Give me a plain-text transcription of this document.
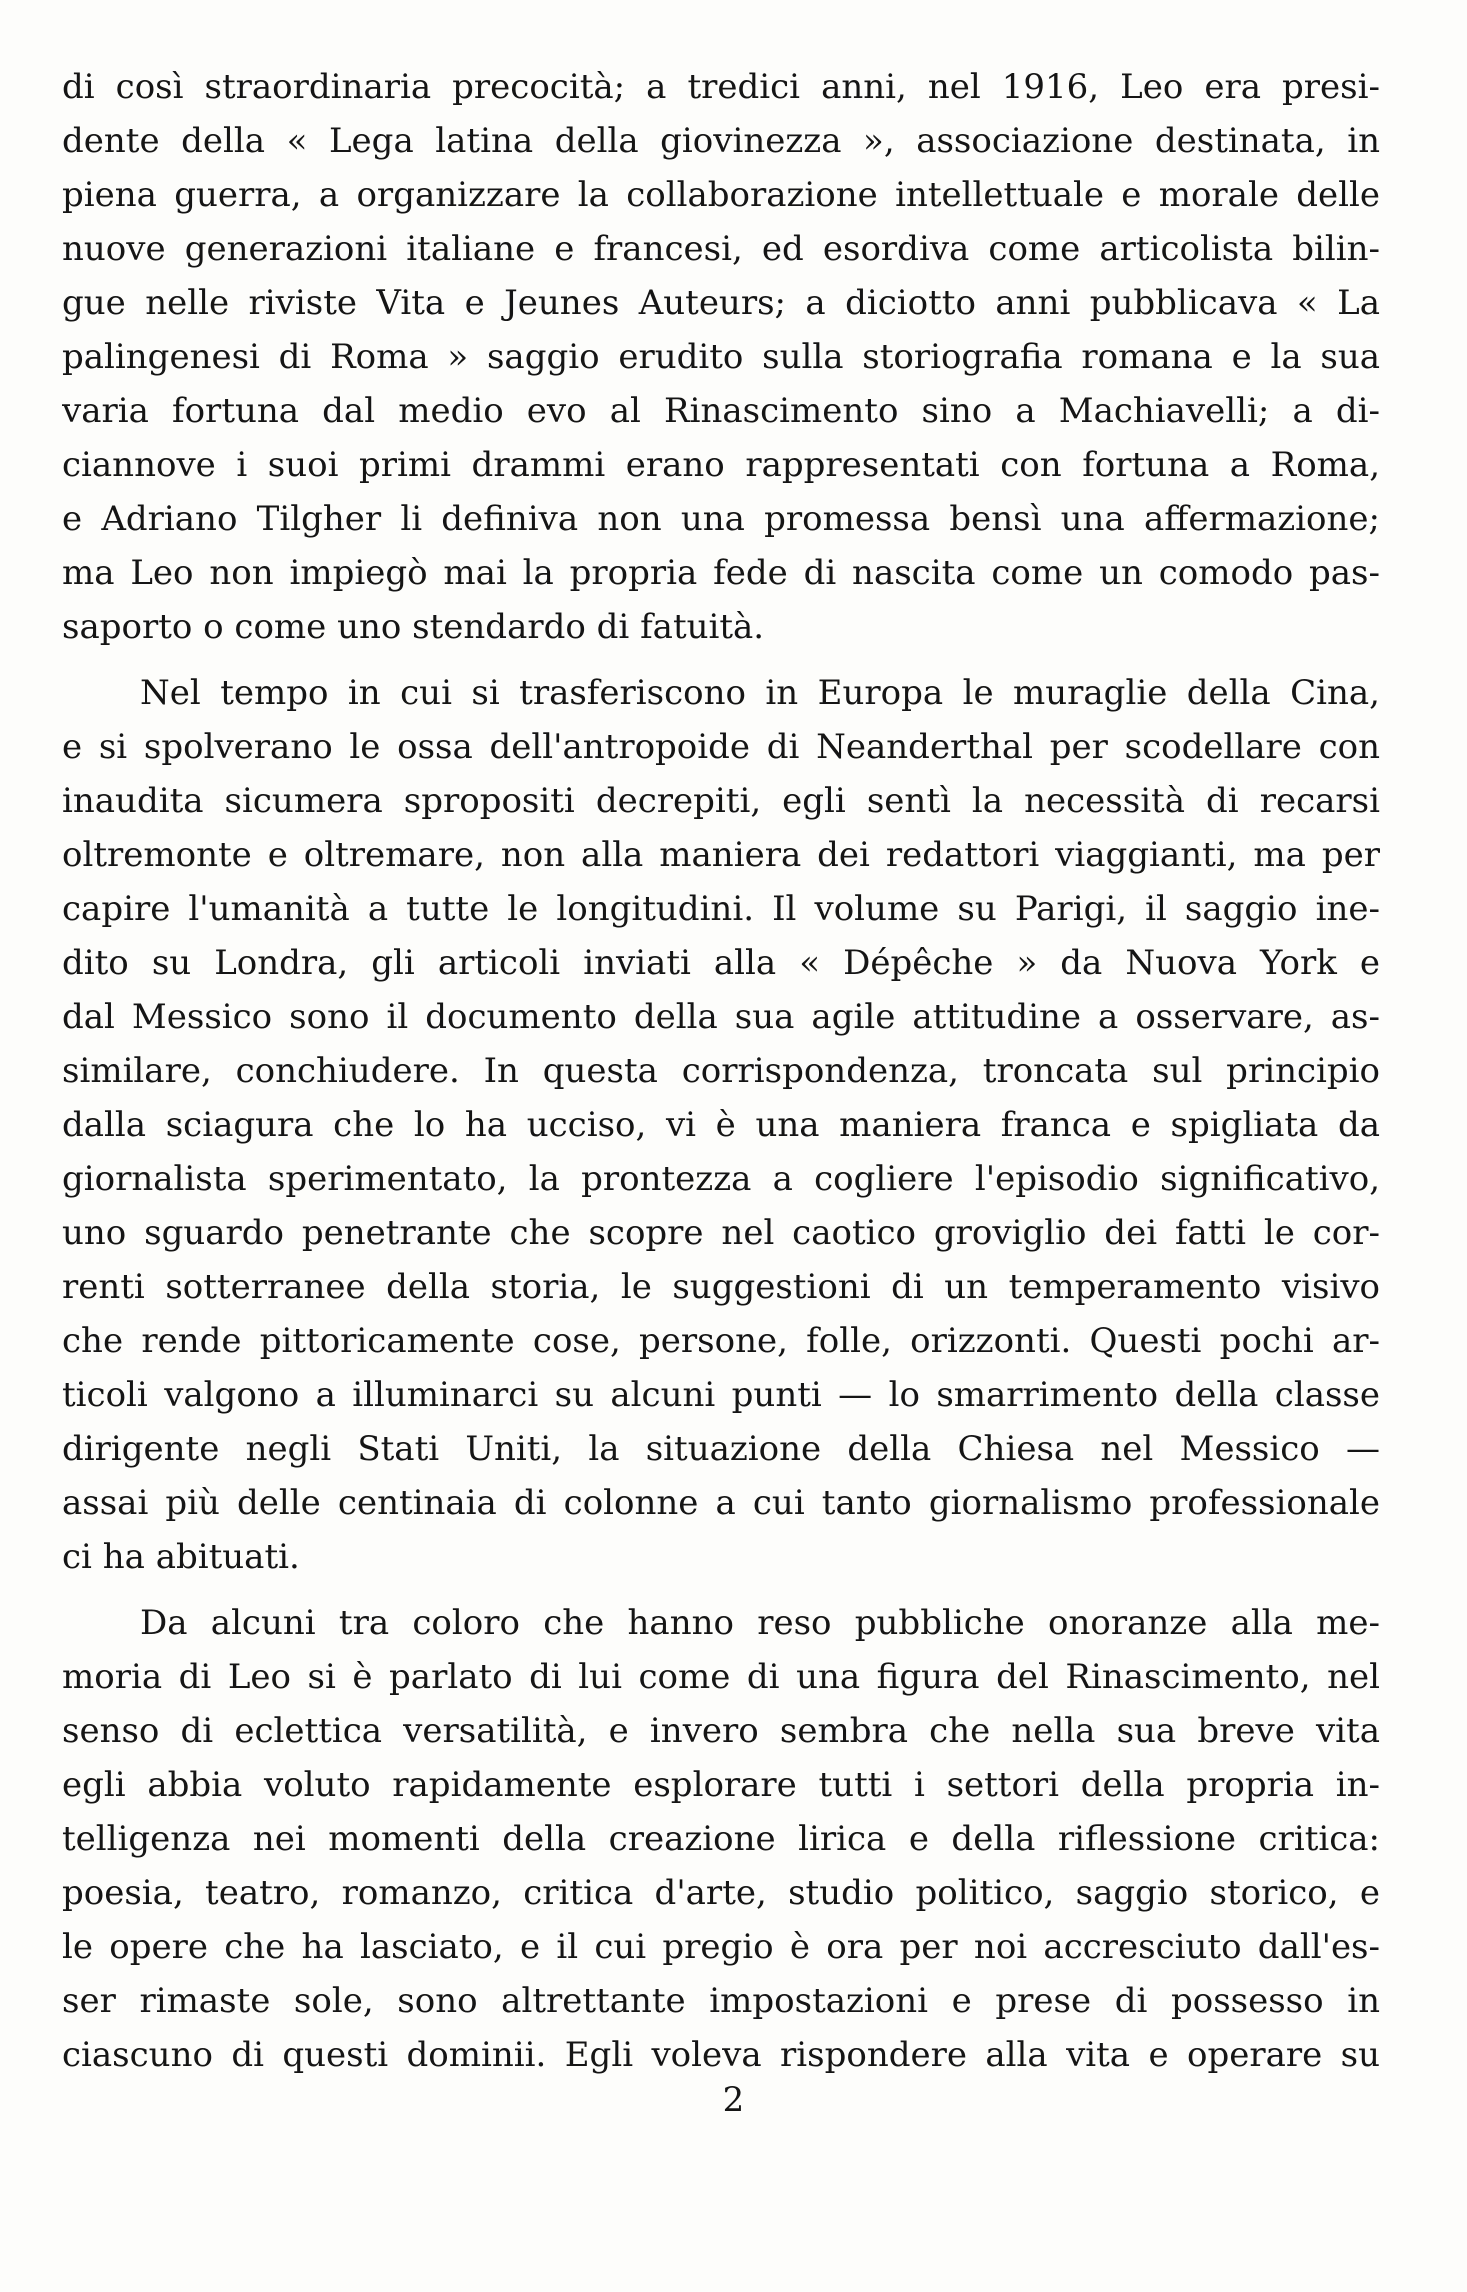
di così straordinaria precocità; a tredici anni, nel 1916, Leo era presi-
dente della « Lega latina della giovinezza », associazione destinata, in
piena guerra, a organizzare la collaborazione intellettuale e morale delle
nuove generazioni italiane e francesi, ed esordiva come articolista bilin-
gue nelle riviste Vita e Jeunes Auteurs; a diciotto anni pubblicava « La
palingenesi di Roma » saggio erudito sulla storiografia romana e la sua
varia fortuna dal medio evo al Rinascimento sino a Machiavelli; a di-
ciannove i suoi primi drammi erano rappresentati con fortuna a Roma,
e Adriano Tilgher li definiva non una promessa bensì una affermazione;
ma Leo non impiegò mai la propria fede di nascita come un comodo pas-
saporto o come uno stendardo di fatuità.
Nel tempo in cui si trasferiscono in Europa le muraglie della Cina,
e si spolverano le ossa dell'antropoide di Neanderthal per scodellare con
inaudita sicumera spropositi decrepiti, egli sentì la necessità di recarsi
oltremonte e oltremare, non alla maniera dei redattori viaggianti, ma per
capire l'umanità a tutte le longitudini. Il volume su Parigi, il saggio ine-
dito su Londra, gli articoli inviati alla « Dépêche » da Nuova York e
dal Messico sono il documento della sua agile attitudine a osservare, as-
similare, conchiudere. In questa corrispondenza, troncata sul principio
dalla sciagura che lo ha ucciso, vi è una maniera franca e spigliata da
giornalista sperimentato, la prontezza a cogliere l'episodio significativo,
uno sguardo penetrante che scopre nel caotico groviglio dei fatti le cor-
renti sotterranee della storia, le suggestioni di un temperamento visivo
che rende pittoricamente cose, persone, folle, orizzonti. Questi pochi ar-
ticoli valgono a illuminarci su alcuni punti — lo smarrimento della classe
dirigente negli Stati Uniti, la situazione della Chiesa nel Messico —
assai più delle centinaia di colonne a cui tanto giornalismo professionale
ci ha abituati.
Da alcuni tra coloro che hanno reso pubbliche onoranze alla me-
moria di Leo si è parlato di lui come di una figura del Rinascimento, nel
senso di eclettica versatilità, e invero sembra che nella sua breve vita
egli abbia voluto rapidamente esplorare tutti i settori della propria in-
telligenza nei momenti della creazione lirica e della riflessione critica:
poesia, teatro, romanzo, critica d'arte, studio politico, saggio storico, e
le opere che ha lasciato, e il cui pregio è ora per noi accresciuto dall'es-
ser rimaste sole, sono altrettante impostazioni e prese di possesso in
ciascuno di questi dominii. Egli voleva rispondere alla vita e operare su
2
